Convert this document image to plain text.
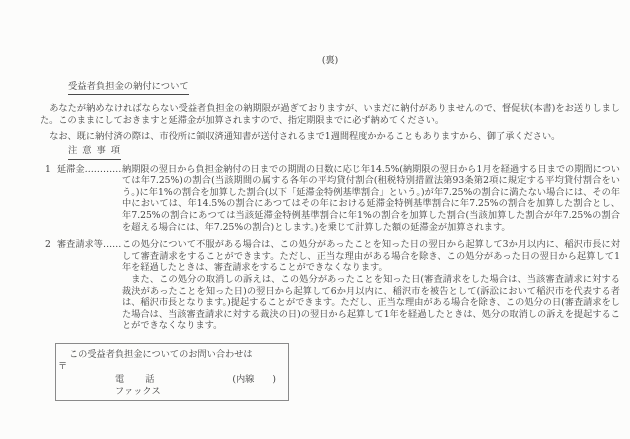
(裏)
受益者負担金の納付について

あなたが納めなければならない受益者負担金の納期限が過ぎておりますが、いまだに納付がありませんので、督促状(本書)をお送りしました。このままにしておきますと延滞金が加算されますので、指定期限までに必ず納めてください。

なお、既に納付済の際は、市役所に領収済通知書が送付されるまで1週間程度かかることもありますから、御了承ください。

注 意 事 項
1 延滞金………… 納期限の翌日から負担金納付の日までの期間の日数に応じ年14.5%(納期限の翌日から1月を経過する日までの期間については年7.25%)の割合(当該期間の属する各年の平均貸付割合(租税特別措置法第93条第2項に規定する平均貸付割合をいう。)に年1%の割合を加算した割合(以下「延滞金特例基準割合」という。)が年7.25%の割合に満たない場合には、その年中においては、年14.5%の割合にあつてはその年における延滞金特例基準割合に年7.25%の割合を加算した割合とし、年7.25%の割合にあつては当該延滞金特例基準割合に年1%の割合を加算した割合(当該加算した割合が年7.25%の割合を超える場合には、年7.25%の割合)とします。)を乗じて計算した額の延滞金が加算されます。

2 審査請求等…… この処分について不服がある場合は、この処分があったことを知った日の翌日から起算して3か月以内に、稲沢市長に対して審査請求をすることができます。ただし、正当な理由がある場合を除き、この処分があった日の翌日から起算して1年を経過したときは、審査請求をすることができなくなります。

また、この処分の取消しの訴えは、この処分があったことを知った日(審査請求をした場合は、当該審査請求に対する裁決があったことを知った日)の翌日から起算して6か月以内に、稲沢市を被告として(訴訟において稲沢市を代表する者は、稲沢市長となります。)提起することができます。ただし、正当な理由がある場合を除き、この処分の日(審査請求をした場合は、当該審査請求に対する裁決の日)の翌日から起算して1年を経過したときは、処分の取消しの訴えを提起することができなくなります。

この受益者負担金についてのお問い合わせは
〒
電 話	(内線 )
ファックス
